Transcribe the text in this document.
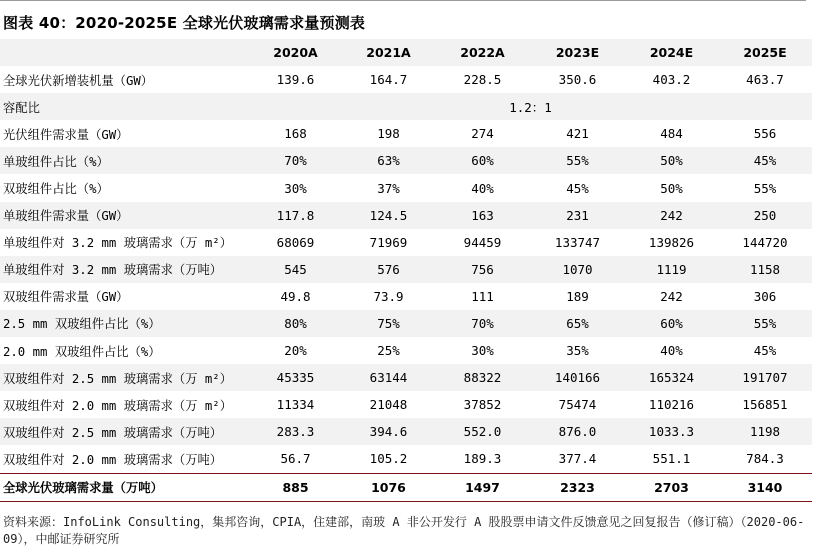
图表 40：2020-2025E 全球光伏玻璃需求量预测表
	2020A	2021A	2022A	2023E	2024E	2025E
全球光伏新增装机量（GW）	139.6	164.7	228.5	350.6	403.2	463.7
容配比	1.2：1					
光伏组件需求量（GW）	168	198	274	421	484	556
单玻组件占比（%）	70%	63%	60%	55%	50%	45%
双玻组件占比（%）	30%	37%	40%	45%	50%	55%
单玻组件需求量（GW）	117.8	124.5	163	231	242	250
单玻组件对 3.2 mm 玻璃需求（万 m²）	68069	71969	94459	133747	139826	144720
单玻组件对 3.2 mm 玻璃需求（万吨）	545	576	756	1070	1119	1158
双玻组件需求量（GW）	49.8	73.9	111	189	242	306
2.5 mm 双玻组件占比（%）	80%	75%	70%	65%	60%	55%
2.0 mm 双玻组件占比（%）	20%	25%	30%	35%	40%	45%
双玻组件对 2.5 mm 玻璃需求（万 m²）	45335	63144	88322	140166	165324	191707
双玻组件对 2.0 mm 玻璃需求（万 m²）	11334	21048	37852	75474	110216	156851
双玻组件对 2.5 mm 玻璃需求（万吨）	283.3	394.6	552.0	876.0	1033.3	1198
双玻组件对 2.0 mm 玻璃需求（万吨）	56.7	105.2	189.3	377.4	551.1	784.3
全球光伏玻璃需求量（万吨）	885	1076	1497	2323	2703	3140
资料来源：InfoLink Consulting，集邦咨询，CPIA，住建部，南玻 A 非公开发行 A 股股票申请文件反馈意见之回复报告（修订稿）（2020-06-09），中邮证券研究所
